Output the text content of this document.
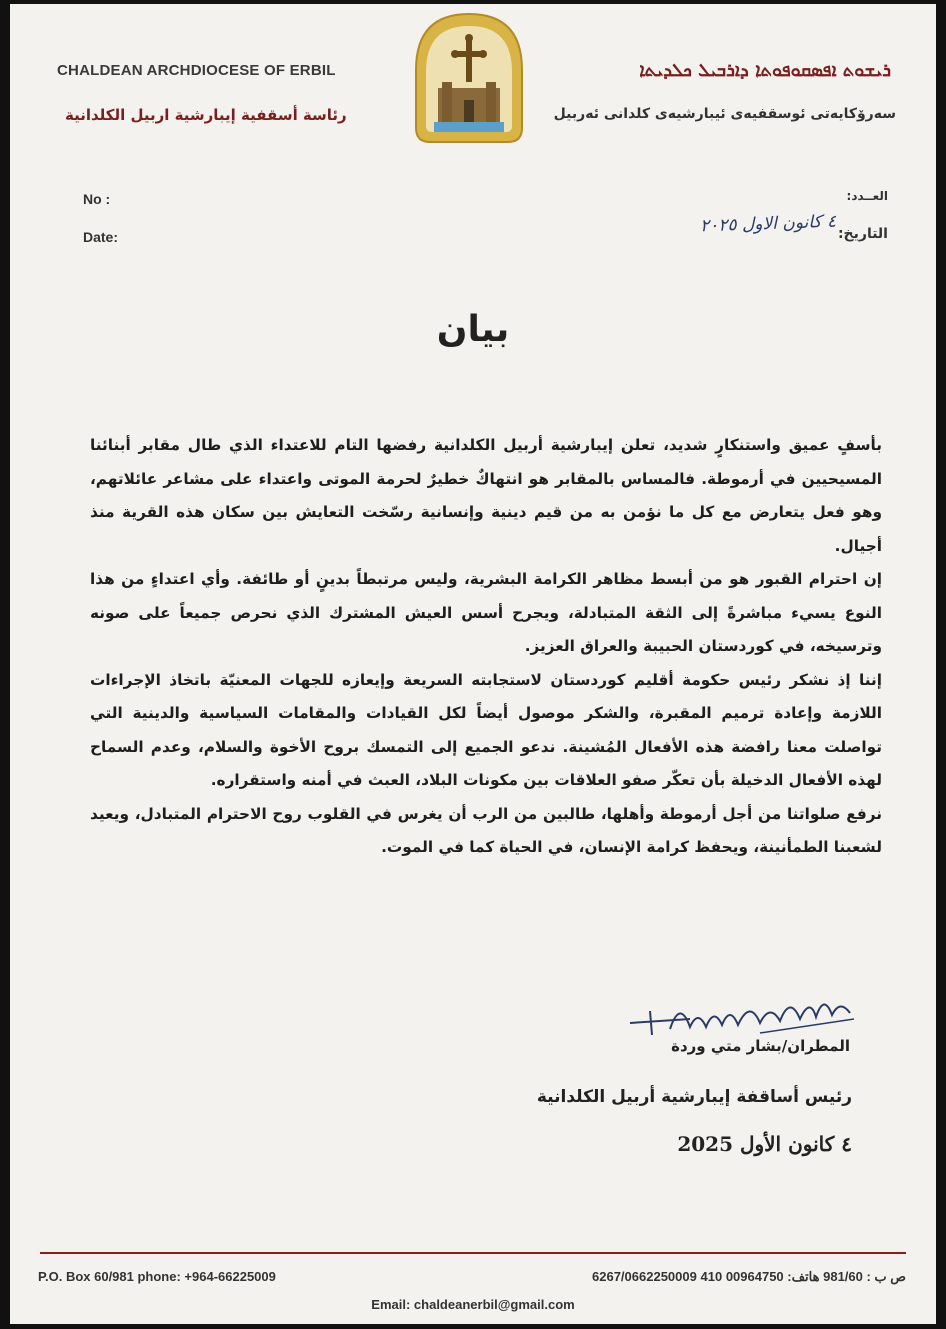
CHALDEAN ARCHDIOCESE OF ERBIL
رئاسة أسقفية إيبارشية اربيل الكلدانية
ܪܝܫܘܬ ܐܦܣܩܘܦܘܬܐ ܕܐܪܒܝܠ ܟܠܕܝܬܐ
سەرۆکایەتی ئوسقفیەی ئیبارشیەی کلدانی ئەربیل
No :
Date:
العــدد:
التاريخ:
٤ كانون الاول ٢٠٢٥
بيان

بأسفٍ عميق واستنكارٍ شديد، تعلن إيبارشية أربيل الكلدانية رفضها التام للاعتداء الذي طال مقابر أبنائنا المسيحيين في أرموطة. فالمساس بالمقابر هو انتهاكٌ خطيرٌ لحرمة الموتى واعتداء على مشاعر عائلاتهم، وهو فعل يتعارض مع كل ما نؤمن به من قيم دينية وإنسانية رسّخت التعايش بين سكان هذه القرية منذ أجيال.

إن احترام القبور هو من أبسط مظاهر الكرامة البشرية، وليس مرتبطاً بدينٍ أو طائفة. وأي اعتداءٍ من هذا النوع يسيء مباشرةً إلى الثقة المتبادلة، ويجرح أسس العيش المشترك الذي نحرص جميعاً على صونه وترسيخه، في كوردستان الحبيبة والعراق العزيز.

إننا إذ نشكر رئيس حكومة أقليم كوردستان لاستجابته السريعة وإيعازه للجهات المعنيّة باتخاذ الإجراءات اللازمة وإعادة ترميم المقبرة، والشكر موصول أيضاً لكل القيادات والمقامات السياسية والدينية التي تواصلت معنا رافضة هذه الأفعال المُشينة. ندعو الجميع إلى التمسك بروح الأخوة والسلام، وعدم السماح لهذه الأفعال الدخيلة بأن تعكّر صفو العلاقات بين مكونات البلاد، العبث في أمنه واستقراره.

نرفع صلواتنا من أجل أرموطة وأهلها، طالبين من الرب أن يغرس في القلوب روح الاحترام المتبادل، ويعيد لشعبنا الطمأنينة، ويحفظ كرامة الإنسان، في الحياة كما في الموت.

المطران/بشار متي وردة
رئيس أساقفة إيبارشية أربيل الكلدانية
٤ كانون الأول 2025
P.O. Box 60/981 phone: +964-66225009	ص ب : 981/60 هاتف: 00964750 410 6267/0662250009
Email: chaldeanerbil@gmail.com
